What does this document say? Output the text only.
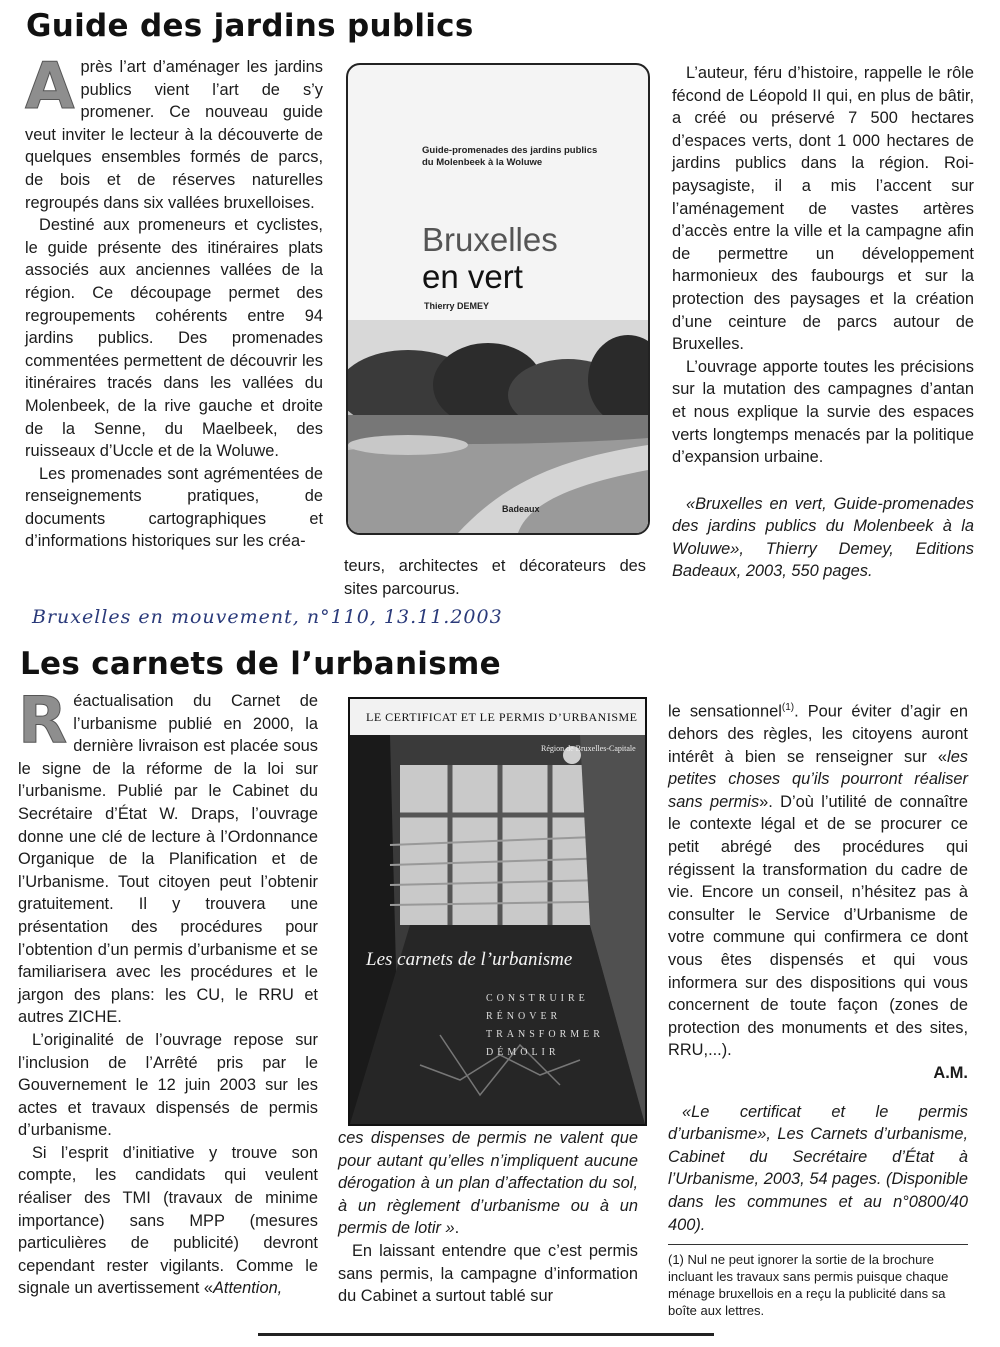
Guide des jardins publics

Après l’art d’aménager les jardins publics vient l’art de s’y promener. Ce nouveau guide veut inviter le lecteur à la découverte de quelques ensembles formés de parcs, de bois et de réserves naturelles regroupés dans six vallées bruxelloises.

Destiné aux promeneurs et cyclistes, le guide présente des itinéraires plats associés aux anciennes vallées de la région. Ce découpage permet des regroupements cohérents entre 94 jardins publics. Des promenades commentées permettent de découvrir les itinéraires tracés dans les vallées du Molenbeek, de la rive gauche et droite de la Senne, du Maelbeek, des ruisseaux d’Uccle et de la Woluwe.

Les promenades sont agrémentées de renseignements pratiques, de documents cartographiques et d’informations historiques sur les créa-

Guide-promenades des jardins publics
du Molenbeek à la Woluwe
Bruxelles
en vert
Thierry DEMEY
Badeaux

teurs, architectes et décorateurs des sites parcourus.

L’auteur, féru d’histoire, rappelle le rôle fécond de Léopold II qui, en plus de bâtir, a créé ou préservé 7 500 hectares d’espaces verts, dont 1 000 hectares de jardins publics dans la région. Roi-paysagiste, il a mis l’accent sur l’aménagement de vastes artères d’accès entre la ville et la campagne afin de permettre un développement harmonieux des faubourgs et sur la protection des paysages et la création d’une ceinture de parcs autour de Bruxelles.

L’ouvrage apporte toutes les précisions sur la mutation des campagnes d’antan et nous explique la survie des espaces verts longtemps menacés par la politique d’expansion urbaine.

«Bruxelles en vert, Guide-promenades des jardins publics du Molenbeek à la Woluwe», Thierry Demey, Editions Badeaux, 2003, 550 pages.

Bruxelles en mouvement, n°110, 13.11.2003
Les carnets de l’urbanisme

Réactualisation du Carnet de l’urbanisme publié en 2000, la dernière livraison est placée sous le signe de la réforme de la loi sur l’urbanisme. Publié par le Cabinet du Secrétaire d’État W. Draps, l’ouvrage donne une clé de lecture à l’Ordonnance Organique de la Planification et de l’Urbanisme. Tout citoyen peut l’obtenir gratuitement. Il y trouvera une présentation des procédures pour l’obtention d’un permis d’urbanisme et se familiarisera avec les procédures et le jargon des plans: les CU, le RRU et autres ZICHE.

L’originalité de l’ouvrage repose sur l’inclusion de l’Arrêté pris par le Gouvernement le 12 juin 2003 sur les actes et travaux dispensés de permis d’urbanisme.

Si l’esprit d’initiative y trouve son compte, les candidats qui veulent réaliser des TMI (travaux de minime importance) sans MPP (mesures particulières de publicité) devront cependant rester vigilants. Comme le signale un avertissement «Attention,

LE CERTIFICAT ET LE PERMIS D’URBANISME
Région de Bruxelles-Capitale
Les carnets de l’urbanisme
CONSTRUIRE
RÉNOVER
TRANSFORMER
DÉMOLIR

ces dispenses de permis ne valent que pour autant qu’elles n’impliquent aucune dérogation à un plan d’affectation du sol, à un règlement d’urbanisme ou à un permis de lotir ».

En laissant entendre que c’est permis sans permis, la campagne d’information du Cabinet a surtout tablé sur

le sensationnel$^{(1)}$. Pour éviter d’agir en dehors des règles, les citoyens auront intérêt à bien se renseigner sur «les petites choses qu’ils pourront réaliser sans permis». D’où l’utilité de connaître le contexte légal et de se procurer ce petit abrégé des procédures qui régissent la transformation du cadre de vie. Encore un conseil, n’hésitez pas à consulter le Service d’Urbanisme de votre commune qui confirmera ce dont vous êtes dispensés et qui vous informera sur des dispositions qui vous concernent de toute façon (zones de protection des monuments et des sites, RRU,...).

A.M.

«Le certificat et le permis d’urbanisme», Les Carnets d’urbanisme, Cabinet du Secrétaire d’État à l’Urbanisme, 2003, 54 pages. (Disponible dans les communes et au n°0800/40 400).

(1) Nul ne peut ignorer la sortie de la brochure incluant les travaux sans permis puisque chaque ménage bruxellois en a reçu la publicité dans sa boîte aux lettres.
